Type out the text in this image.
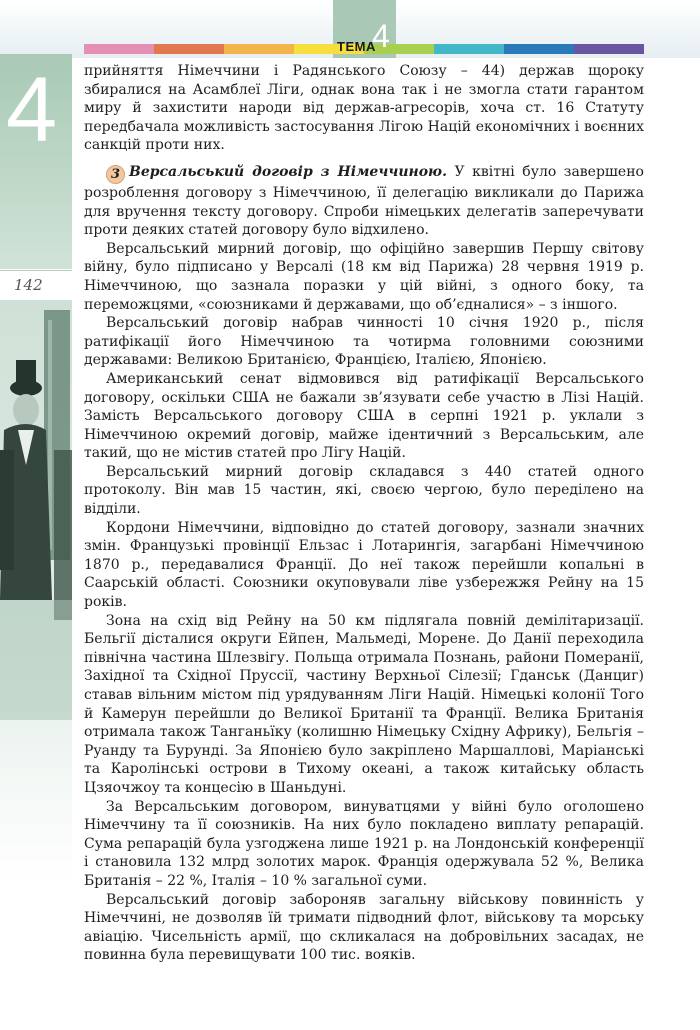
4
ТЕМА
4
142

прийняття Німеччини і Радянського Союзу – 44) держав щороку збиралися на Асамблеї Ліги, однак вона так і не змогла стати гарантом миру й захистити народи від держав-агресорів, хоча ст. 16 Статуту передбачала можливість застосування Лігою Націй економічних і воєнних санкцій проти них.

3 Версальський договір з Німеччиною. У квітні було завершено розроблення договору з Німеччиною, її делегацію викликали до Парижа для вручення тексту договору. Спроби німецьких делегатів заперечувати проти деяких статей договору було відхилено.

Версальський мирний договір, що офіційно завершив Першу світову війну, було підписано у Версалі (18 км від Парижа) 28 червня 1919 р. Німеччиною, що зазнала поразки у цій війні, з одного боку, та переможцями, «союзниками й державами, що об’єдналися» – з іншого.

Версальський договір набрав чинності 10 січня 1920 р., після ратифікації його Німеччиною та чотирма головними союзними державами: Великою Британією, Францією, Італією, Японією.

Американський сенат відмовився від ратифікації Версальського договору, оскільки США не бажали зв’язувати себе участю в Лізі Націй. Замість Версальського договору США в серпні 1921 р. уклали з Німеччиною окремий договір, майже ідентичний з Версальським, але такий, що не містив статей про Лігу Націй.

Версальський мирний договір складався з 440 статей одного протоколу. Він мав 15 частин, які, своєю чергою, було переділено на відділи.

Кордони Німеччини, відповідно до статей договору, зазнали значних змін. Французькі провінції Ельзас і Лотарингія, загарбані Німеччиною 1870 р., передавалися Франції. До неї також перейшли копальні в Саарській області. Союзники окуповували ліве узбережжя Рейну на 15 років.

Зона на схід від Рейну на 50 км підлягала повній демілітаризації. Бельгії дісталися округи Ейпен, Мальмеді, Морене. До Данії переходила північна частина Шлезвігу. Польща отримала Познань, райони Померанії, Західної та Східної Пруссії, частину Верхньої Сілезії; Гданськ (Данциг) ставав вільним містом під урядуванням Ліги Націй. Німецькі колонії Того й Камерун перейшли до Великої Британії та Франції. Велика Британія отримала також Танганьїку (колишню Німецьку Східну Африку), Бельгія – Руанду та Бурунді. За Японією було закріплено Маршаллові, Маріанські та Каролінські острови в Тихому океані, а також китайську область Цзяочжоу та концесію в Шаньдуні.

За Версальським договором, винуватцями у війні було оголошено Німеччину та її союзників. На них було покладено виплату репарацій. Сума репарацій була узгоджена лише 1921 р. на Лондонській конференції і становила 132 млрд золотих марок. Франція одержувала 52 %, Велика Британія – 22 %, Італія – 10 % загальної суми.

Версальський договір забороняв загальну військову повинність у Німеччині, не дозволяв їй тримати підводний флот, військову та морську авіацію. Чисельність армії, що скликалася на добровільних засадах, не повинна була перевищувати 100 тис. вояків.
